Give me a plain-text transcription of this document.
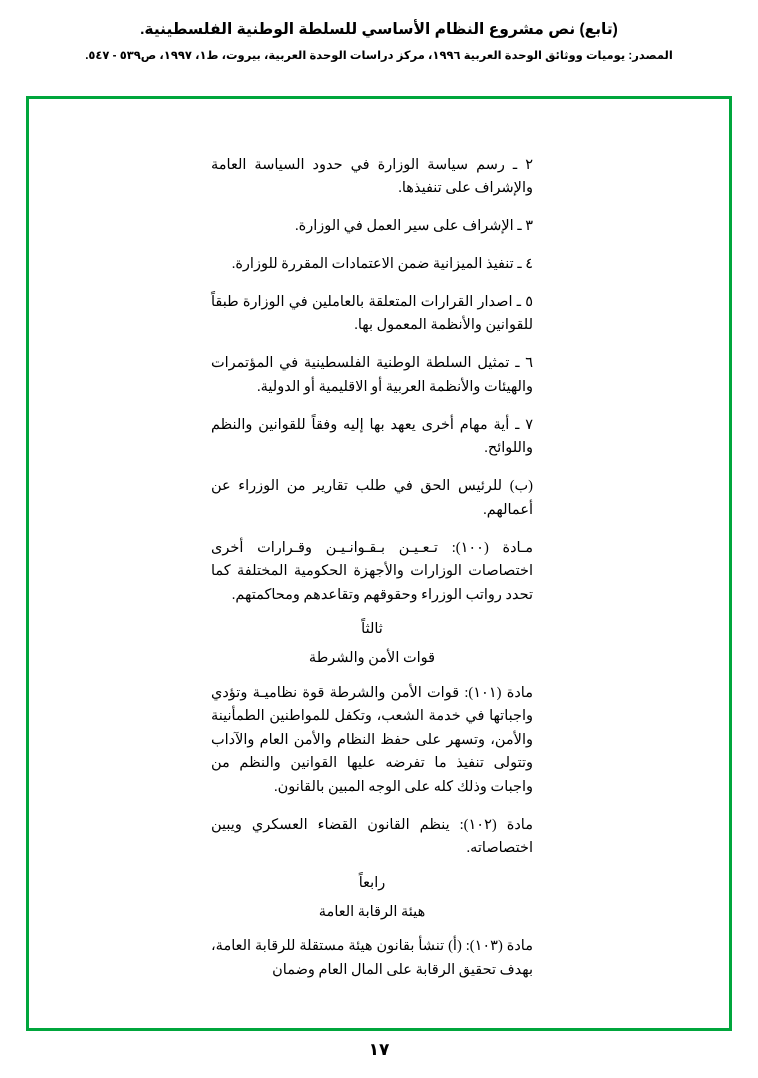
(تابع) نص مشروع النظام الأساسي للسلطة الوطنية الفلسطينية.
المصدر: يوميات ووثائق الوحدة العربية ١٩٩٦، مركز دراسات الوحدة العربية، بيروت، ط١، ١٩٩٧، ص٥٣٩ - ٥٤٧.

٢ ـ رسم سياسة الوزارة في حدود السياسة العامة والإشراف على تنفيذها.

٣ ـ الإشراف على سير العمل في الوزارة.

٤ ـ تنفيذ الميزانية ضمن الاعتمادات المقررة للوزارة.

٥ ـ اصدار القرارات المتعلقة بالعاملين في الوزارة طبقاً للقوانين والأنظمة المعمول بها.

٦ ـ تمثيل السلطة الوطنية الفلسطينية في المؤتمرات والهيئات والأنظمة العربية أو الاقليمية أو الدولية.

٧ ـ أية مهام أخرى يعهد بها إليه وفقاً للقوانين والنظم واللوائح.

(ب) للرئيس الحق في طلب تقارير من الوزراء عن أعمالهم.

مـادة (١٠٠): تـعـيـن بـقـوانـيـن وقـرارات أخرى اختصاصات الوزارات والأجهزة الحكومية المختلفة كما تحدد رواتب الوزراء وحقوقهم وتقاعدهم ومحاكمتهم.

ثالثاً
قوات الأمن والشرطة

مادة (١٠١): قوات الأمن والشرطة قوة نظاميـة وتؤدي واجباتها في خدمة الشعب، وتكفل للمواطنين الطمأنينة والأمن، وتسهر على حفظ النظام والأمن العام والآداب وتتولى تنفيذ ما تفرضه عليها القوانين والنظم من واجبات وذلك كله على الوجه المبين بالقانون.

مادة (١٠٢): ينظم القانون القضاء العسكري ويبين اختصاصاته.

رابعاً
هيئة الرقابة العامة

مادة (١٠٣): (أ) تنشأ بقانون هيئة مستقلة للرقابة العامة، بهدف تحقيق الرقابة على المال العام وضمان

١٧
